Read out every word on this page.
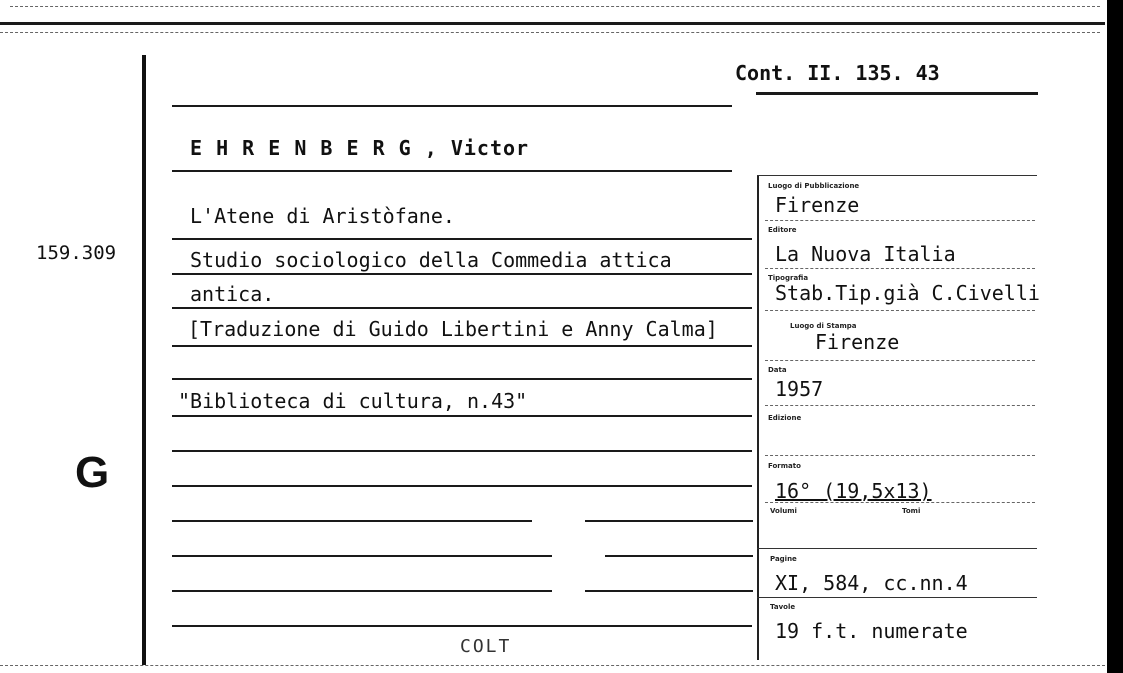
159.309
G
Cont. II. 135. 43
E H R E N B E R G , Victor
L'Atene di Aristòfane.
Studio sociologico della Commedia attica
antica.
[Traduzione di Guido Libertini e Anny Calma]
"Biblioteca di cultura, n.43"
COLT
Luogo di Pubblicazione
Firenze
Editore
La Nuova Italia
Tipografia
Stab.Tip.già C.Civelli
Luogo di Stampa
Firenze
Data
1957
Edizione
Formato
16° (19,5x13)
Volumi	Tomi
Pagine
XI, 584, cc.nn.4
Tavole
19 f.t. numerate
